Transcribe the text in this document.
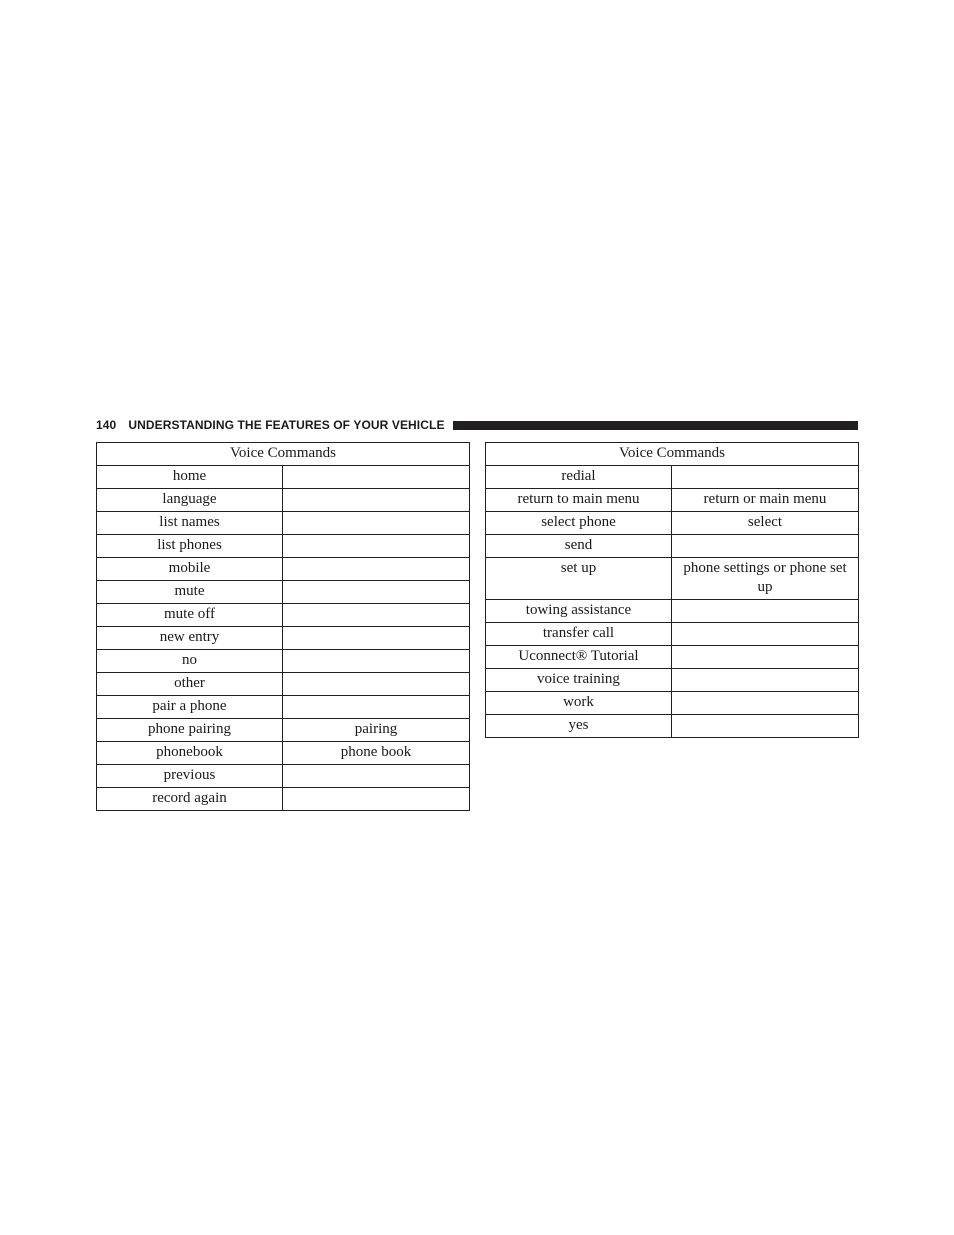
140 UNDERSTANDING THE FEATURES OF YOUR VEHICLE
Voice Commands	
home	
language	
list names	
list phones	
mobile	
mute	
mute off	
new entry	
no	
other	
pair a phone	
phone pairing	pairing
phonebook	phone book
previous	
record again	
Voice Commands	
redial	
return to main menu	return or main menu
select phone	select
send	
set up	phone settings or phone set up
towing assistance	
transfer call	
Uconnect® Tutorial	
voice training	
work	
yes	
